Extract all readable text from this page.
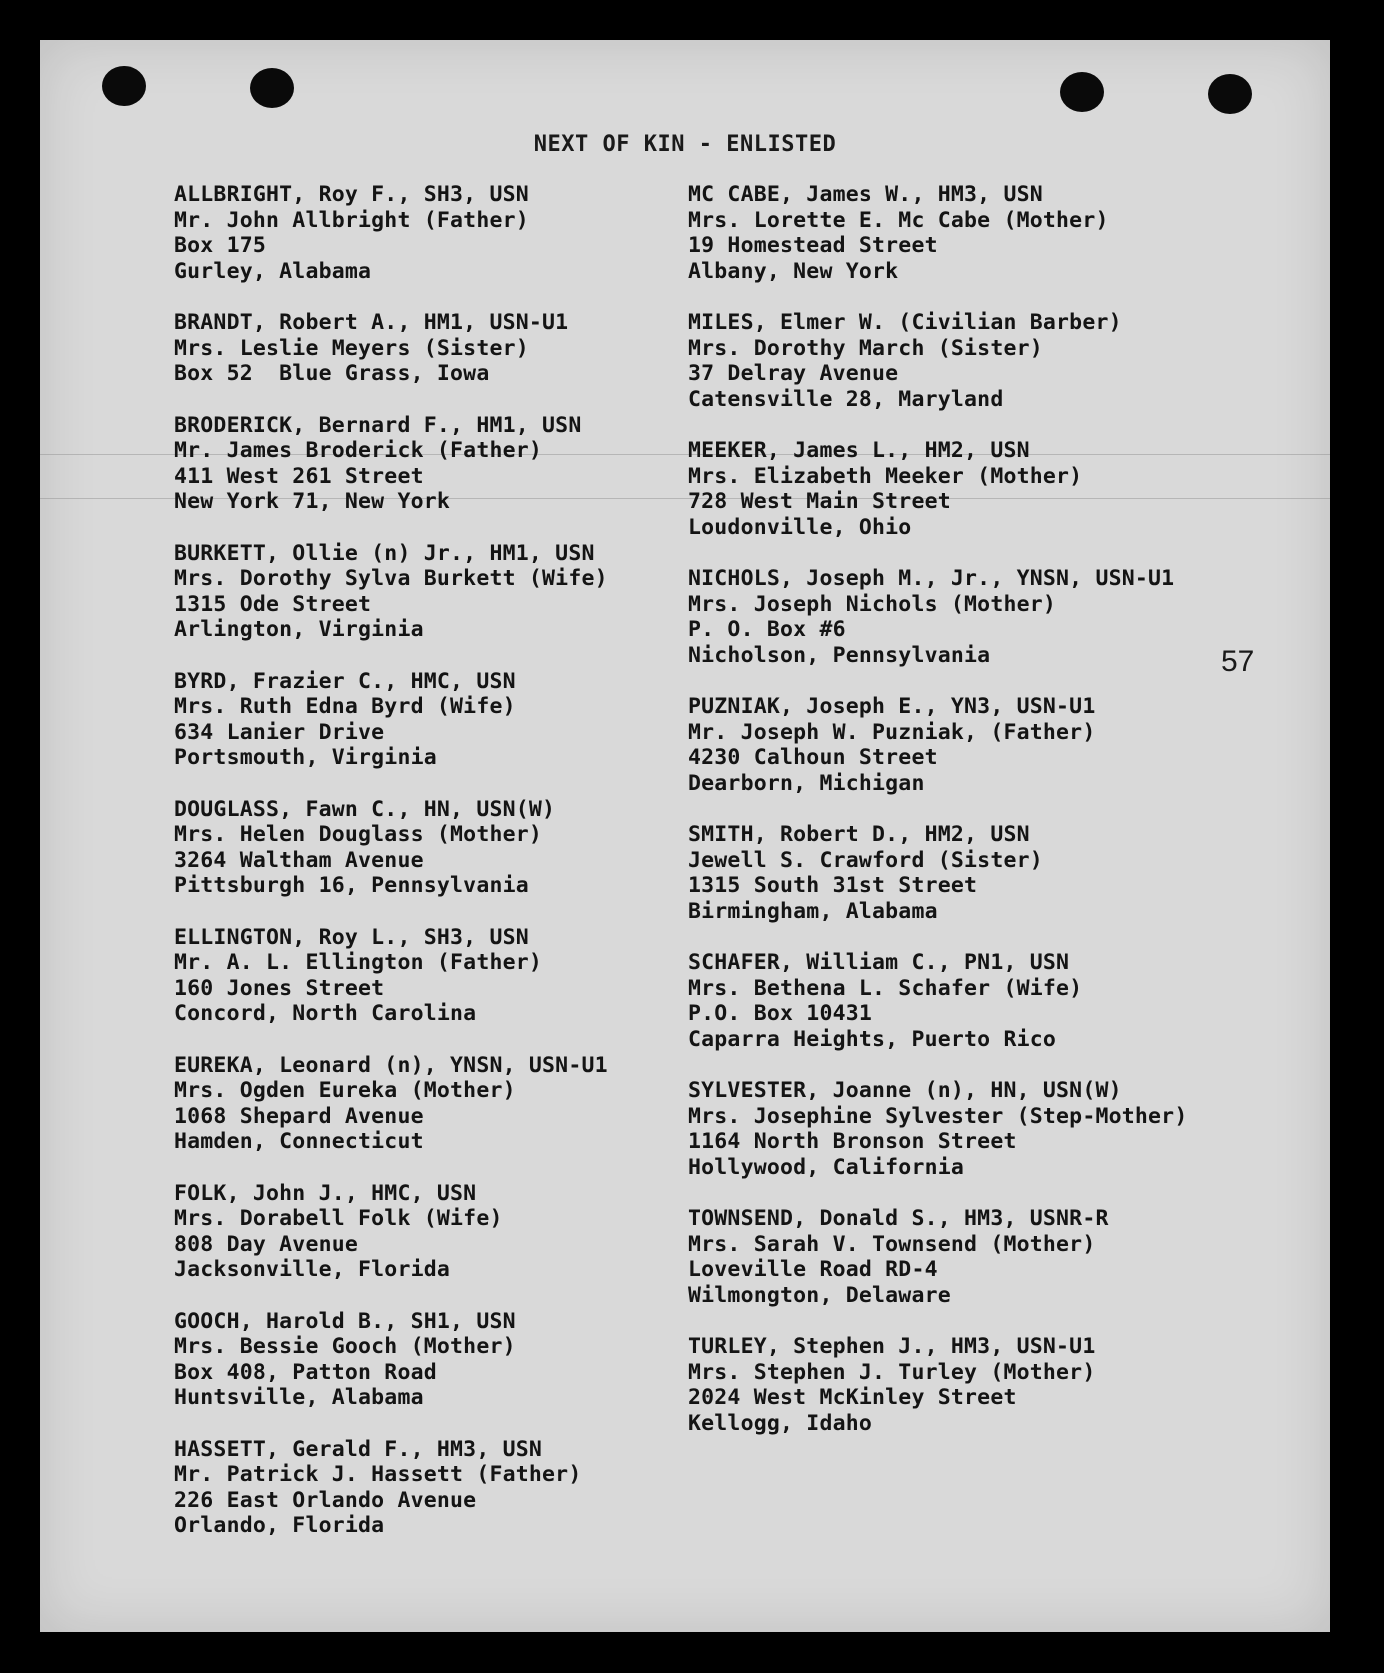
NEXT OF KIN - ENLISTED
ALLBRIGHT, Roy F., SH3, USN
Mr. John Allbright (Father)
Box 175
Gurley, Alabama
BRANDT, Robert A., HM1, USN-U1
Mrs. Leslie Meyers (Sister)
Box 52  Blue Grass, Iowa
BRODERICK, Bernard F., HM1, USN
Mr. James Broderick (Father)
411 West 261 Street
New York 71, New York
BURKETT, Ollie (n) Jr., HM1, USN
Mrs. Dorothy Sylva Burkett (Wife)
1315 Ode Street
Arlington, Virginia
BYRD, Frazier C., HMC, USN
Mrs. Ruth Edna Byrd (Wife)
634 Lanier Drive
Portsmouth, Virginia
DOUGLASS, Fawn C., HN, USN(W)
Mrs. Helen Douglass (Mother)
3264 Waltham Avenue
Pittsburgh 16, Pennsylvania
ELLINGTON, Roy L., SH3, USN
Mr. A. L. Ellington (Father)
160 Jones Street
Concord, North Carolina
EUREKA, Leonard (n), YNSN, USN-U1
Mrs. Ogden Eureka (Mother)
1068 Shepard Avenue
Hamden, Connecticut
FOLK, John J., HMC, USN
Mrs. Dorabell Folk (Wife)
808 Day Avenue
Jacksonville, Florida
GOOCH, Harold B., SH1, USN
Mrs. Bessie Gooch (Mother)
Box 408, Patton Road
Huntsville, Alabama
HASSETT, Gerald F., HM3, USN
Mr. Patrick J. Hassett (Father)
226 East Orlando Avenue
Orlando, Florida
MC CABE, James W., HM3, USN
Mrs. Lorette E. Mc Cabe (Mother)
19 Homestead Street
Albany, New York
MILES, Elmer W. (Civilian Barber)
Mrs. Dorothy March (Sister)
37 Delray Avenue
Catensville 28, Maryland
MEEKER, James L., HM2, USN
Mrs. Elizabeth Meeker (Mother)
728 West Main Street
Loudonville, Ohio
NICHOLS, Joseph M., Jr., YNSN, USN-U1
Mrs. Joseph Nichols (Mother)
P. O. Box #6
Nicholson, Pennsylvania
PUZNIAK, Joseph E., YN3, USN-U1
Mr. Joseph W. Puzniak, (Father)
4230 Calhoun Street
Dearborn, Michigan
SMITH, Robert D., HM2, USN
Jewell S. Crawford (Sister)
1315 South 31st Street
Birmingham, Alabama
SCHAFER, William C., PN1, USN
Mrs. Bethena L. Schafer (Wife)
P.O. Box 10431
Caparra Heights, Puerto Rico
SYLVESTER, Joanne (n), HN, USN(W)
Mrs. Josephine Sylvester (Step-Mother)
1164 North Bronson Street
Hollywood, California
TOWNSEND, Donald S., HM3, USNR-R
Mrs. Sarah V. Townsend (Mother)
Loveville Road RD-4
Wilmongton, Delaware
TURLEY, Stephen J., HM3, USN-U1
Mrs. Stephen J. Turley (Mother)
2024 West McKinley Street
Kellogg, Idaho
57
